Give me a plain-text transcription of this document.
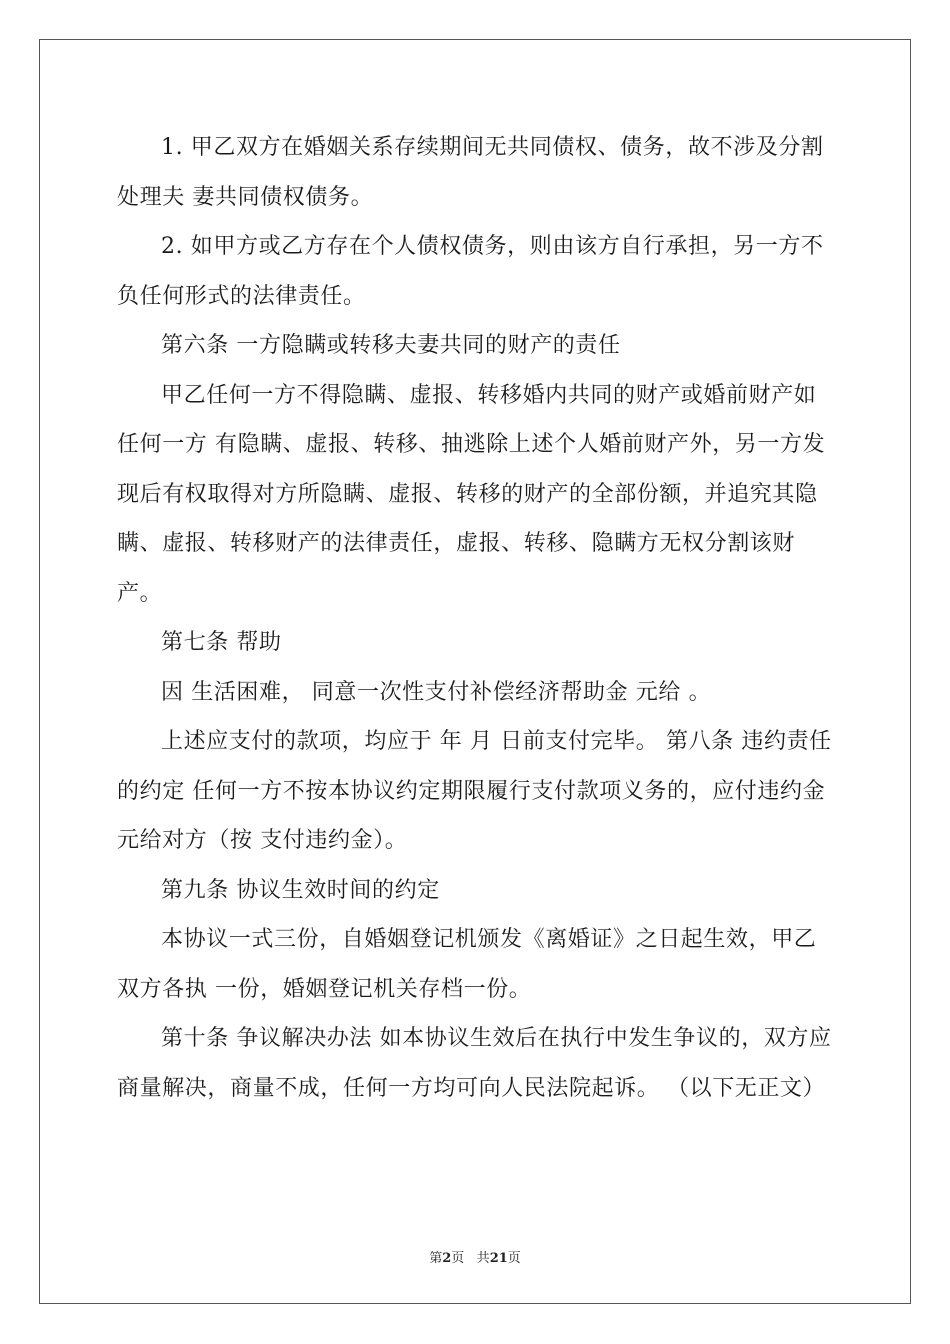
1. 甲乙双方在婚姻关系存续期间无共同债权、债务，故不涉及分割处理夫 妻共同债权债务。

2. 如甲方或乙方存在个人债权债务，则由该方自行承担，另一方不负任何形式的法律责任。

第六条 一方隐瞒或转移夫妻共同的财产的责任

甲乙任何一方不得隐瞒、虚报、转移婚内共同的财产或婚前财产如任何一方 有隐瞒、虚报、转移、抽逃除上述个人婚前财产外，另一方发现后有权取得对方所隐瞒、虚报、转移的财产的全部份额，并追究其隐瞒、虚报、转移财产的法律责任，虚报、转移、隐瞒方无权分割该财产。

第七条 帮助

因 生活困难， 同意一次性支付补偿经济帮助金 元给 。

上述应支付的款项，均应于 年 月 日前支付完毕。 第八条 违约责任的约定 任何一方不按本协议约定期限履行支付款项义务的，应付违约金 元给对方（按 支付违约金）。

第九条 协议生效时间的约定

本协议一式三份，自婚姻登记机颁发《离婚证》之日起生效，甲乙双方各执 一份，婚姻登记机关存档一份。

第十条 争议解决办法 如本协议生效后在执行中发生争议的，双方应商量解决，商量不成，任何一方均可向人民法院起诉。 （以下无正文）

第2页 共21页
